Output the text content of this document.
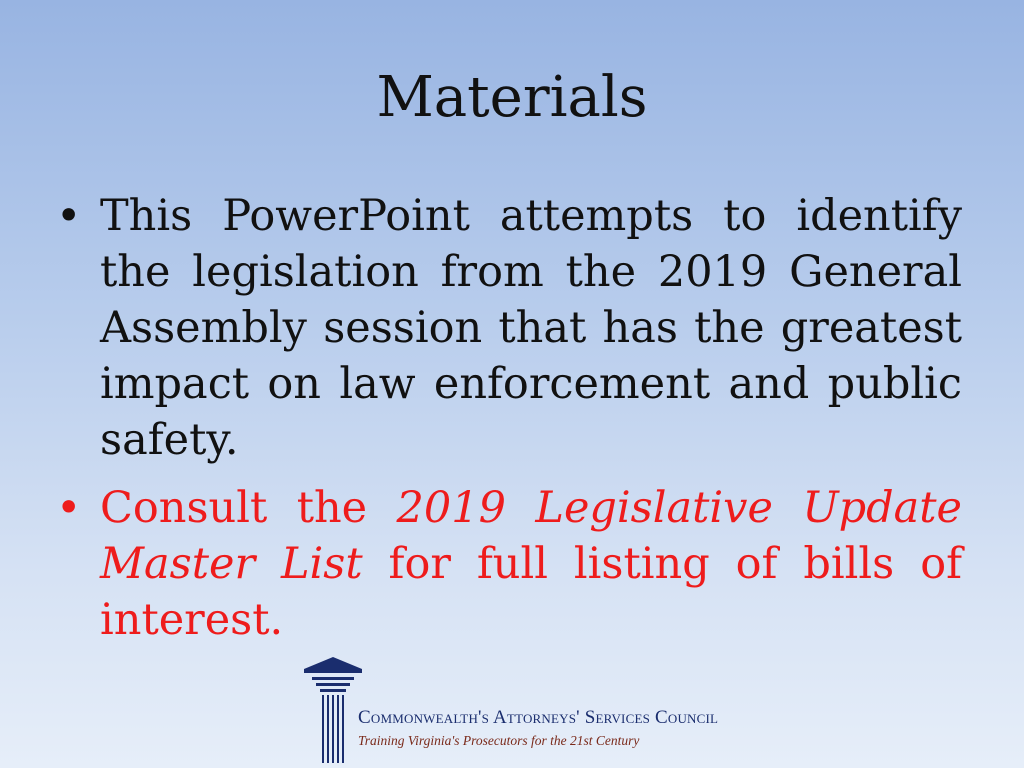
Materials
• This PowerPoint attempts to identify the legislation from the 2019 General Assembly session that has the greatest impact on law enforcement and public safety.
• Consult the 2019 Legislative Update Master List for full listing of bills of interest.
Commonwealth's Attorneys' Services Council
Training Virginia's Prosecutors for the 21st Century
